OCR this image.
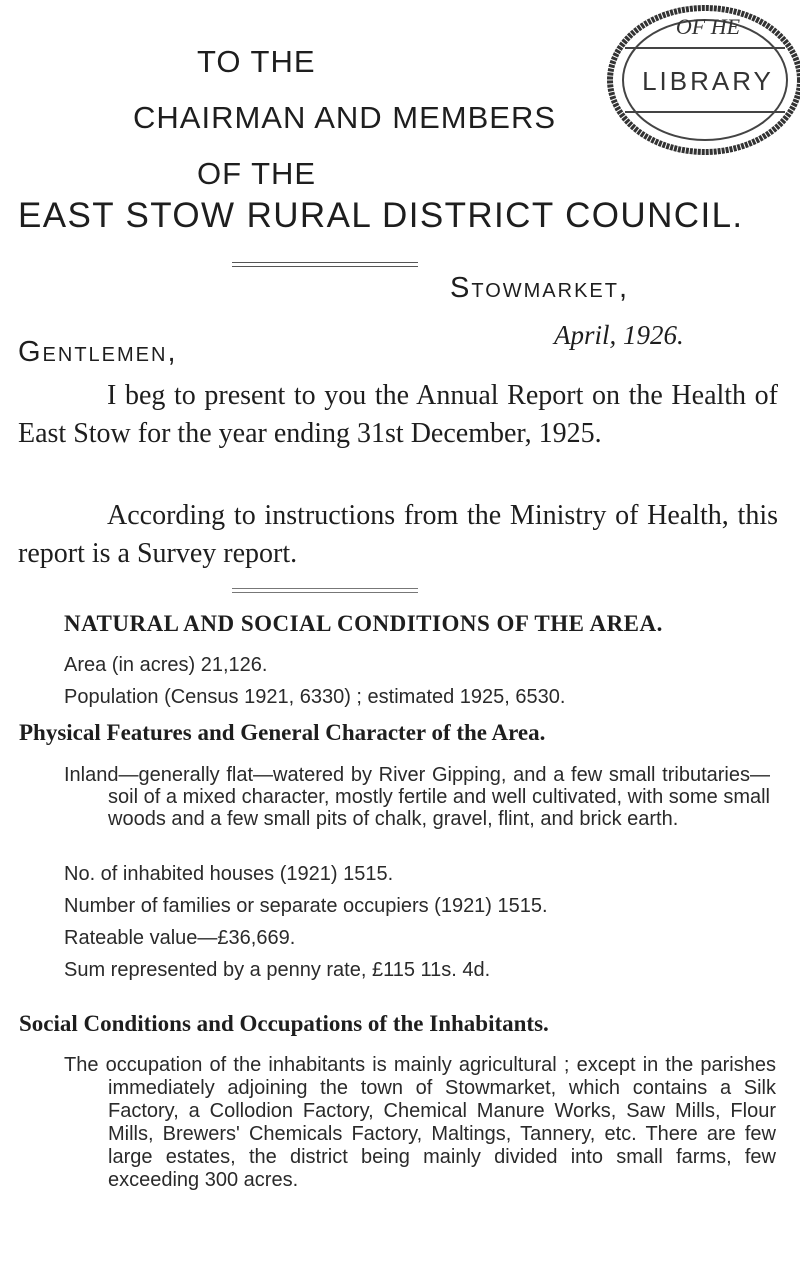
OF HE
LIBRARY
TO THE
CHAIRMAN AND MEMBERS
OF THE
EAST STOW RURAL DISTRICT COUNCIL.
Stowmarket,
April, 1926.
Gentlemen,
I beg to present to you the Annual Report on the Health of East Stow for the year ending 31st December, 1925.
According to instructions from the Ministry of Health, this report is a Survey report.
NATURAL AND SOCIAL CONDITIONS OF THE AREA.
Area (in acres) 21,126.
Population (Census 1921, 6330) ; estimated 1925, 6530.
Physical Features and General Character of the Area.
Inland—generally flat—watered by River Gipping, and a few small tributaries—soil of a mixed character, mostly fertile and well cultivated, with some small woods and a few small pits of chalk, gravel, flint, and brick earth.
No. of inhabited houses (1921) 1515.
Number of families or separate occupiers (1921) 1515.
Rateable value—£36,669.
Sum represented by a penny rate, £115 11s. 4d.
Social Conditions and Occupations of the Inhabitants.

The occupation of the inhabitants is mainly agricultural ; except in the parishes immediately adjoining the town of Stowmarket, which contains a Silk Factory, a Collodion Factory, Chemical Manure Works, Saw Mills, Flour Mills, Brewers' Chemicals Factory, Maltings, Tannery, etc. There are few large estates, the district being mainly divided into small farms, few exceeding 300 acres.
